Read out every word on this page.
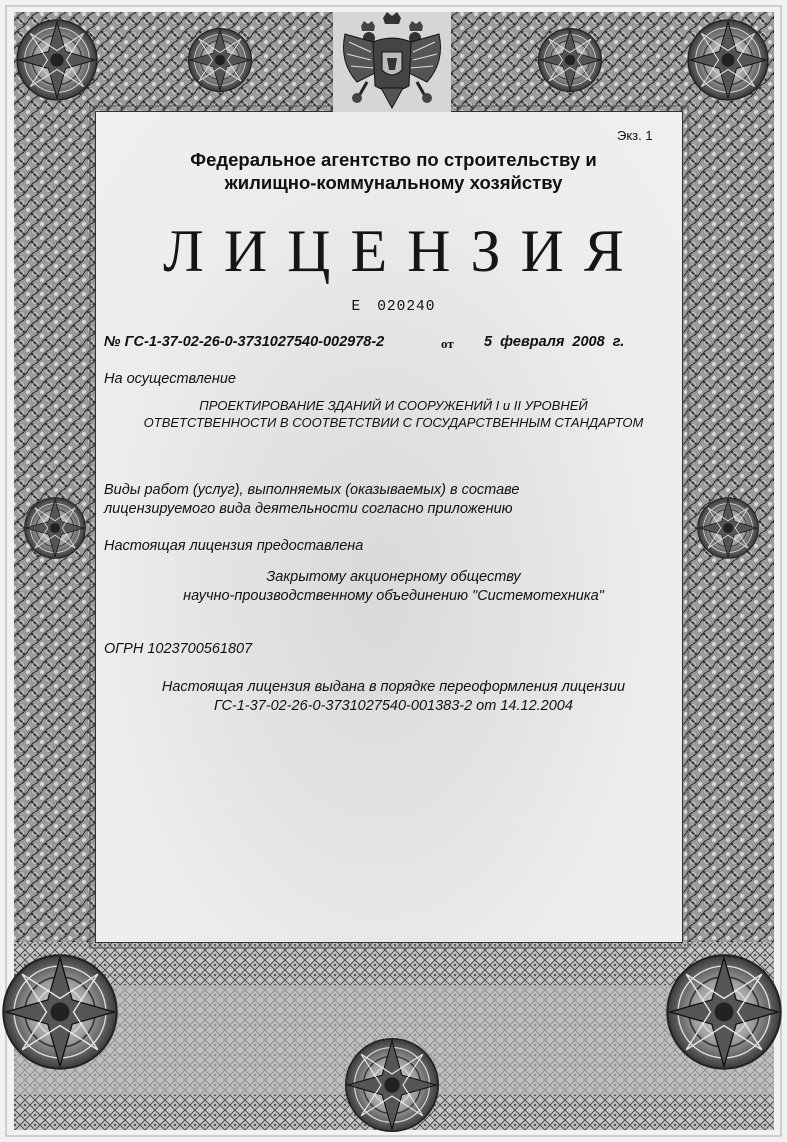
Экз. 1

Федеральное агентство по строительству и
жилищно-коммунальному хозяйству

ЛИЦЕНЗИЯ

Е 020240

№ ГС-1-37-02-26-0-3731027540-002978-2	от 5 февраля 2008 г.

На осуществление

ПРОЕКТИРОВАНИЕ ЗДАНИЙ И СООРУЖЕНИЙ I и II УРОВНЕЙ
ОТВЕТСТВЕННОСТИ В СООТВЕТСТВИИ С ГОСУДАРСТВЕННЫМ СТАНДАРТОМ

Виды работ (услуг), выполняемых (оказываемых) в составе
лицензируемого вида деятельности согласно приложению

Настоящая лицензия предоставлена

Закрытому акционерному обществу
научно-производственному объединению "Системотехника"

ОГРН 1023700561807

Настоящая лицензия выдана в порядке переоформления лицензии
ГС-1-37-02-26-0-3731027540-001383-2 от 14.12.2004
